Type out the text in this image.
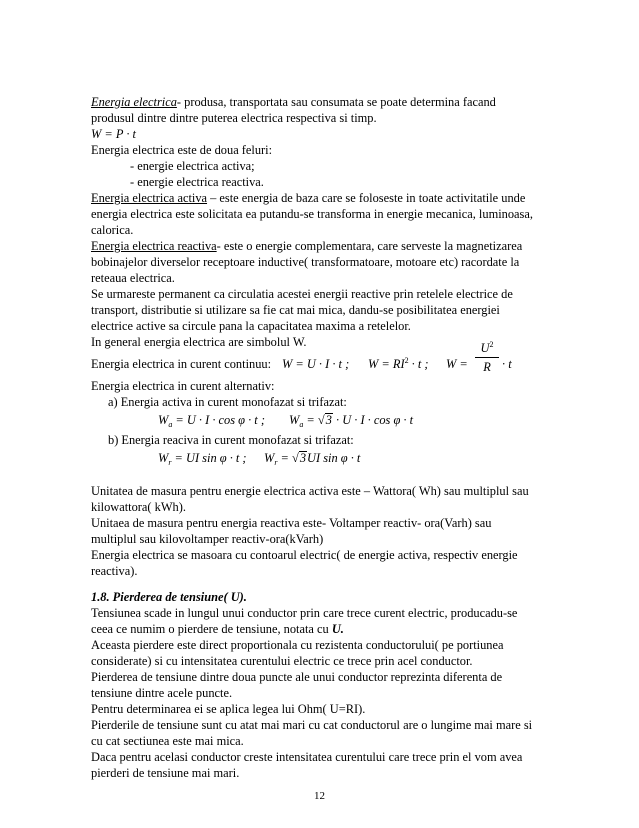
Energia electrica- produsa, transportata sau consumata se poate determina facand
produsul dintre dintre puterea electrica respectiva si timp.
W = P · t
Energia electrica este de doua feluri:
- energie electrica activa;
- energie electrica reactiva.
Energia electrica activa – este energia de baza care se foloseste in toate activitatile unde
energia electrica este solicitata ea putandu-se transforma in energie mecanica, luminoasa,
calorica.
Energia electrica reactiva- este o energie complementara, care serveste la magnetizarea
bobinajelor diverselor receptoare inductive( transformatoare, motoare etc) racordate la
reteaua electrica.
Se urmareste permanent ca circulatia acestei energii reactive prin retelele electrice de
transport, distributie si utilizare sa fie cat mai mica, dandu-se posibilitatea energiei
electrice active sa circule pana la capacitatea maxima a retelelor.
In general energia electrica are simbolul W.
Energia electrica in curent continuu: W = U · I · t ;	$W = RI^2 \cdot t$ ;	W =
$U^2$
R · t
Energia electrica in curent alternativ:
a) Energia activa in curent monofazat si trifazat:
$W_a = U \cdot I \cdot \cos \varphi \cdot t$ ;	$W_a = √3 \cdot U \cdot I \cdot \cos \varphi \cdot t$
b) Energia reaciva in curent monofazat si trifazat:
$W_r$ = UI sin φ · t ;	$W_r = √3UI$ sin φ · t
Unitatea de masura pentru energie electrica activa este – Wattora( Wh) sau multiplul sau
kilowattora( kWh).
Unitaea de masura pentru energia reactiva este- Voltamper reactiv- ora(Varh) sau
multiplul sau kilovoltamper reactiv-ora(kVarh)
Energia electrica se masoara cu contoarul electric( de energie activa, respectiv energie
reactiva).
1.8. Pierderea de tensiune( U).
Tensiunea scade in lungul unui conductor prin care trece curent electric, producadu-se
ceea ce numim o pierdere de tensiune, notata cu U.
Aceasta pierdere este direct proportionala cu rezistenta conductorului( pe portiunea
considerate) si cu intensitatea curentului electric ce trece prin acel conductor.
Pierderea de tensiune dintre doua puncte ale unui conductor reprezinta diferenta de
tensiune dintre acele puncte.
Pentru determinarea ei se aplica legea lui Ohm( U=RI).
Pierderile de tensiune sunt cu atat mai mari cu cat conductorul are o lungime mai mare si
cu cat sectiunea este mai mica.
Daca pentru acelasi conductor creste intensitatea curentului care trece prin el vom avea
pierderi de tensiune mai mari.
12
